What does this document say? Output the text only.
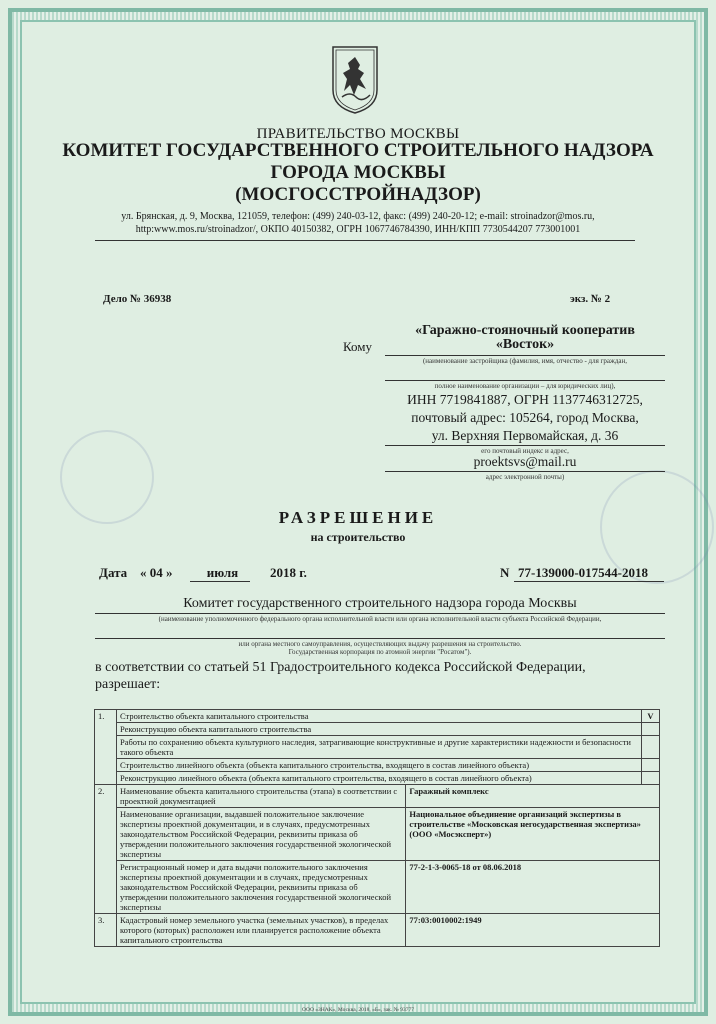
ПРАВИТЕЛЬСТВО МОСКВЫ
КОМИТЕТ ГОСУДАРСТВЕННОГО СТРОИТЕЛЬНОГО НАДЗОРА
ГОРОДА МОСКВЫ
(МОСГОССТРОЙНАДЗОР)
ул. Брянская, д. 9, Москва, 121059, телефон: (499) 240-03-12, факс: (499) 240-20-12; e-mail: stroinadzor@mos.ru,
http:www.mos.ru/stroinadzor/, ОКПО 40150382, ОГРН 1067746784390, ИНН/КПП 7730544207 773001001
Дело № 36938	экз. № 2
«Гаражно-стояночный кооператив
Кому	«Восток»
(наименование застройщика (фамилия, имя, отчество - для граждан,
полное наименование организации – для юридических лиц),
ИНН 7719841887, ОГРН 1137746312725,
почтовый адрес: 105264, город Москва,
ул. Верхняя Первомайская, д. 36
его почтовый индекс и адрес,
proektsvs@mail.ru
адрес электронной почты)
РАЗРЕШЕНИЕ
на строительство
Дата « 04 »	июля	2018 г.	N 77-139000-017544-2018
Комитет государственного строительного надзора города Москвы
(наименование уполномоченного федерального органа исполнительной власти или органа исполнительной власти субъекта Российской Федерации,
или органа местного самоуправления, осуществляющих выдачу разрешения на строительство.
Государственная корпорация по атомной энергии "Росатом").
в соответствии со статьей 51 Градостроительного кодекса Российской Федерации,
разрешает:
1.	Строительство объекта капитального строительства		V
	Реконструкцию объекта капитального строительства		
	Работы по сохранению объекта культурного наследия, затрагивающие конструктивные и другие характеристики надежности и безопасности такого объекта		
	Строительство линейного объекта (объекта капитального строительства, входящего в состав линейного объекта)		
	Реконструкцию линейного объекта (объекта капитального строительства, входящего в состав линейного объекта)		
2.	Наименование объекта капитального строительства (этапа) в соответствии с проектной документацией	Гаражный комплекс	
	Наименование организации, выдавшей положительное заключение экспертизы проектной документации, и в случаях, предусмотренных законодательством Российской Федерации, реквизиты приказа об утверждении положительного заключения государственной экологической экспертизы	Национальное объединение организаций экспертизы в строительстве «Московская негосударственная экспертиза» (ООО «Мосэксперт»)	
	Регистрационный номер и дата выдачи положительного заключения экспертизы проектной документации и в случаях, предусмотренных законодательством Российской Федерации, реквизиты приказа об утверждении положительного заключения государственной экологической экспертизы	77-2-1-3-0065-18 от 08.06.2018	
3.	Кадастровый номер земельного участка (земельных участков), в пределах которого (которых) расположен или планируется расположение объекта капитального строительства	77:03:0010002:1949	
ООО «ЗНАК», Москва, 2018, «Б», зак. № 93777
